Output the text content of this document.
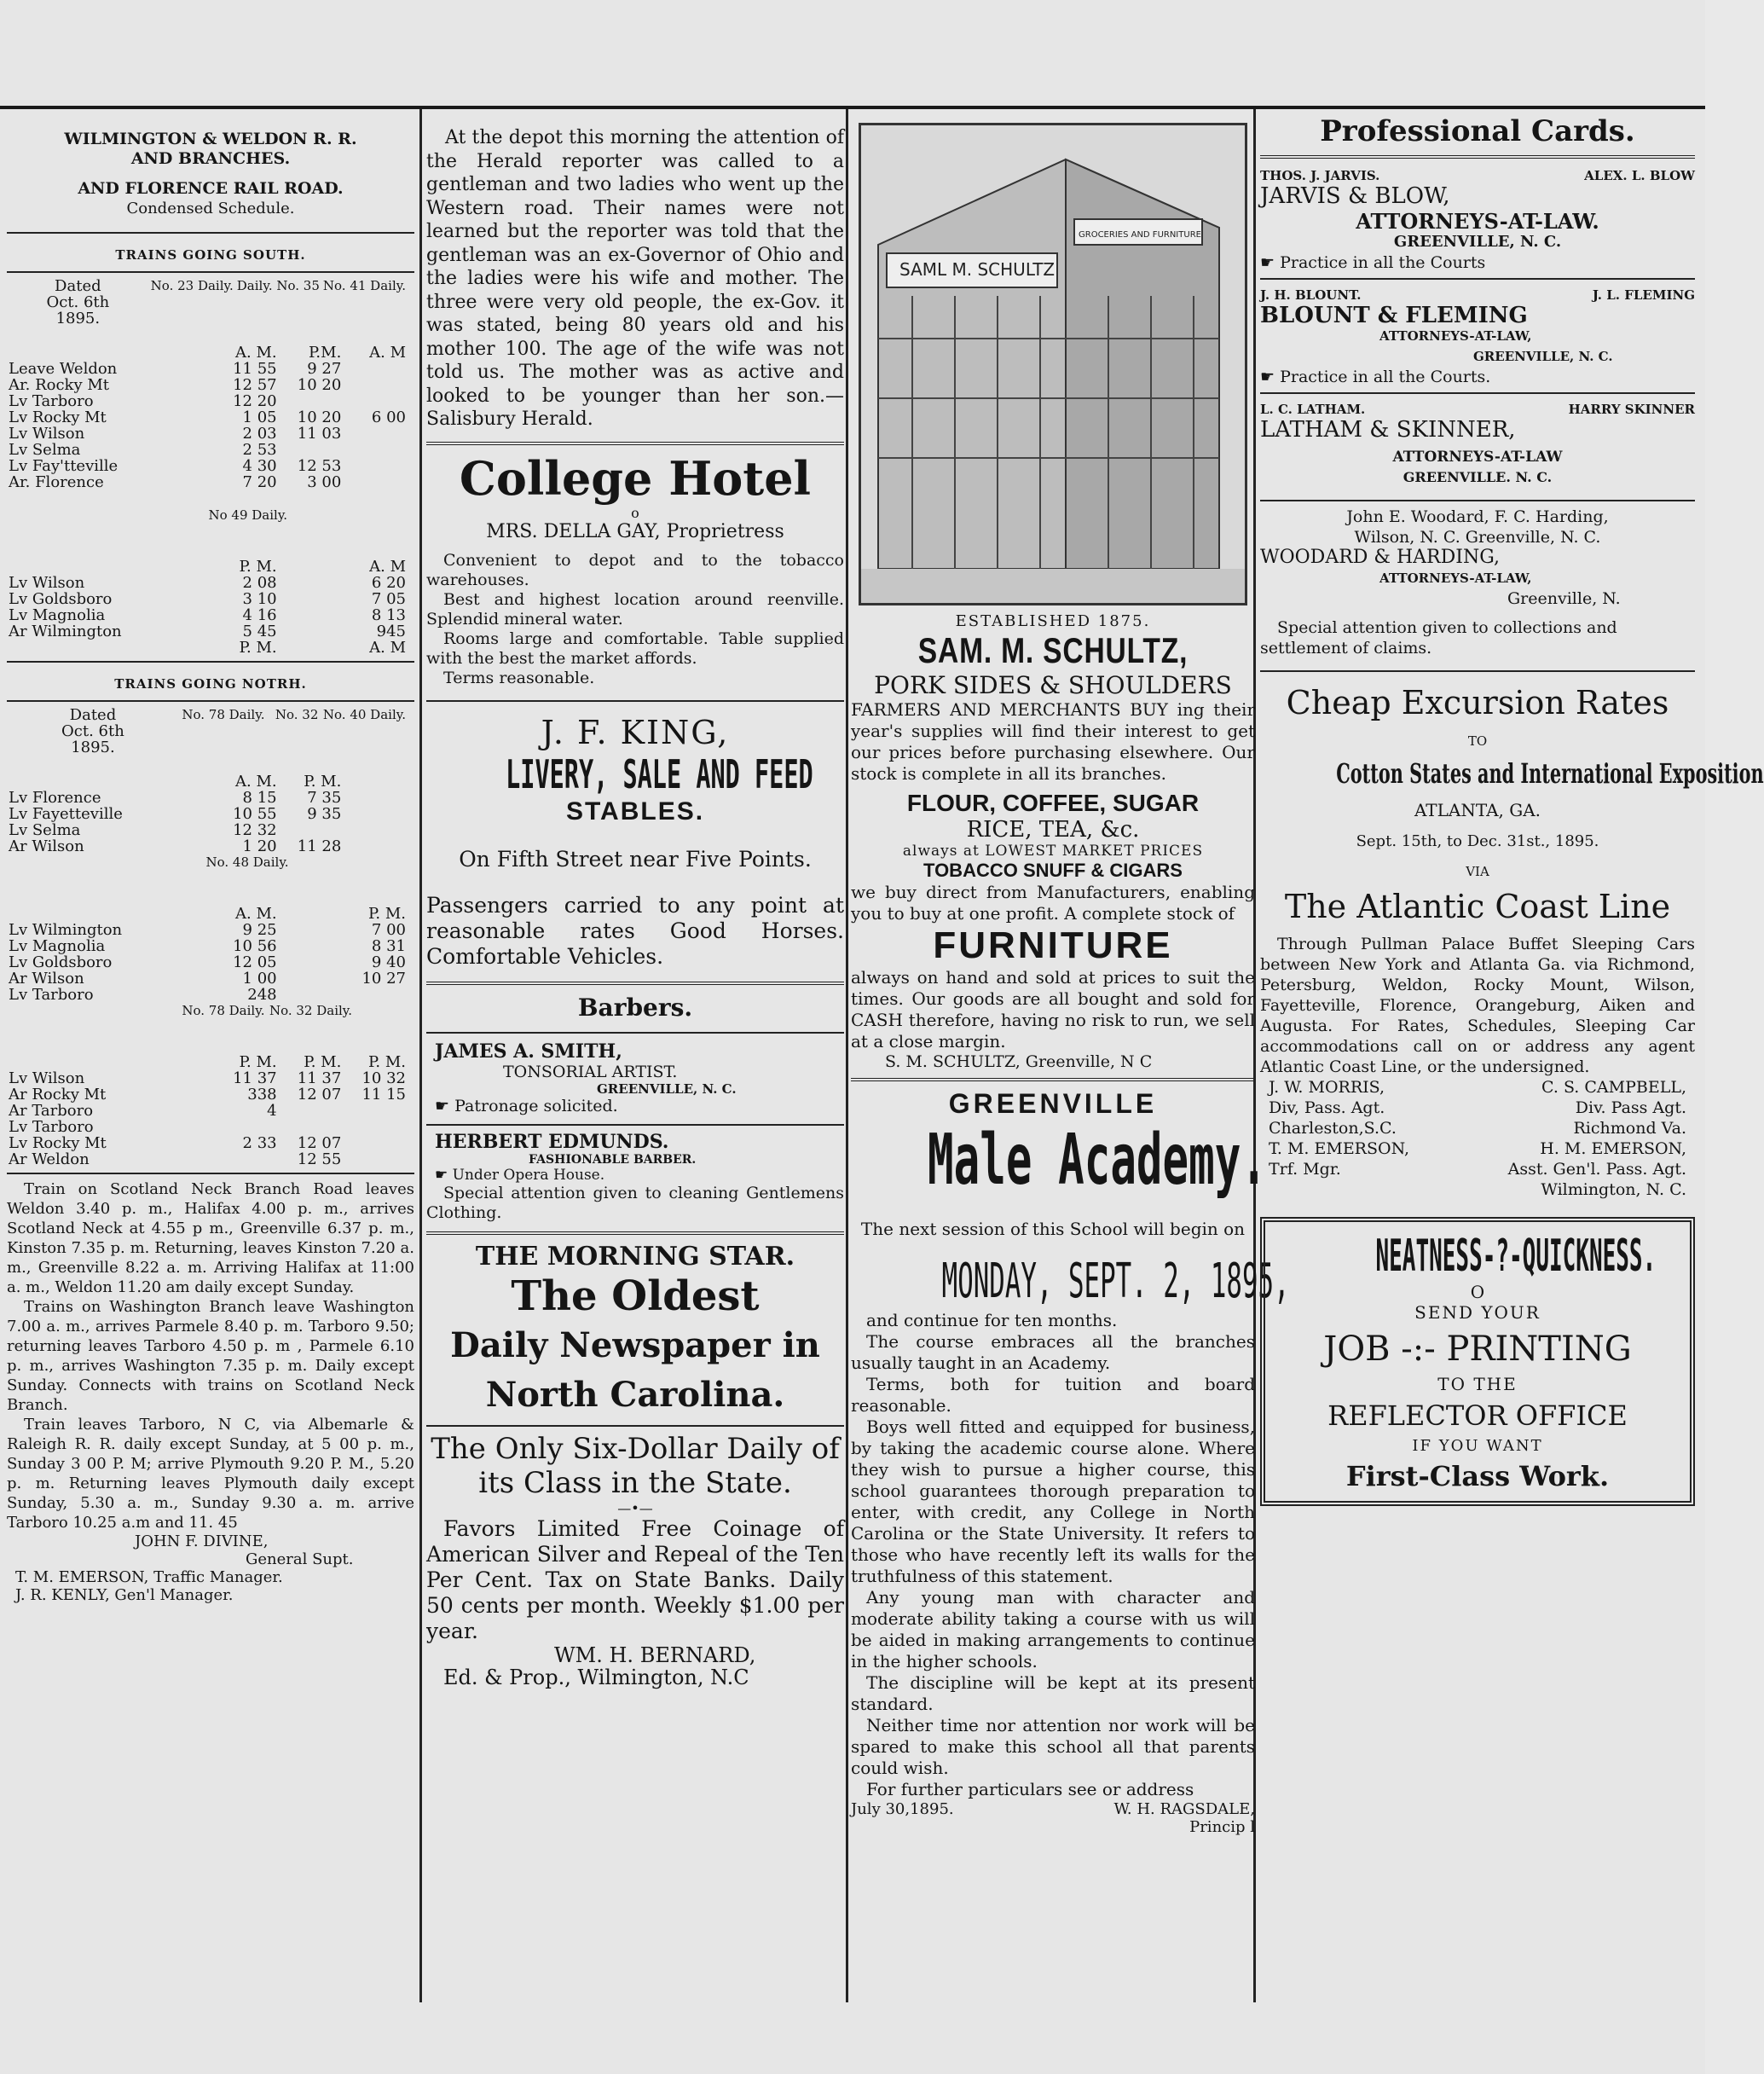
WILMINGTON & WELDON R. R.
AND BRANCHES.
AND FLORENCE RAIL ROAD.
Condensed Schedule.
TRAINS GOING SOUTH.
Dated
Oct. 6th
1895.
	No. 23 Daily.	Daily. No. 35	No. 41 Daily.
	A. M.	P.M.	A. M
Leave Weldon	11 55	9 27	
Ar. Rocky Mt	12 57	10 20	

Lv Tarboro	12 20		

Lv Rocky Mt	1 05	10 20	6 00
Lv Wilson	2 03	11 03	
Lv Selma	2 53		
Lv Fay'tteville	4 30	12 53	
Ar. Florence	7 20	3 00	
	No 49 Daily.		
	P. M.		A. M
Lv Wilson	2 08		6 20
Lv Goldsboro	3 10		7 05
Lv Magnolia	4 16		8 13
Ar Wilmington	5 45		945
	P. M.		A. M
TRAINS GOING NOTRH.
Dated
Oct. 6th
1895.
	No. 78 Daily.	No. 32	No. 40 Daily.
	A. M.	P. M.	
Lv Florence	8 15	7 35	
Lv Fayetteville	10 55	9 35	
Lv Selma	12 32		
Ar Wilson	1 20	11 28	
	No. 48 Daily.		
	A. M.		P. M.
Lv Wilmington	9 25		7 00
Lv Magnolia	10 56		8 31
Lv Goldsboro	12 05		9 40
Ar Wilson	1 00		10 27
Lv Tarboro	248		
	No. 78 Daily.	No. 32 Daily.	
	P. M.	P. M.	P. M.
Lv Wilson	11 37	11 37	10 32
Ar Rocky Mt	338	12 07	11 15

Ar Tarboro	4		
Lv Tarboro			
Lv Rocky Mt	2 33	12 07	
Ar Weldon		12 55	

Train on Scotland Neck Branch Road leaves Weldon 3.40 p. m., Halifax 4.00 p. m., arrives Scotland Neck at 4.55 p m., Greenville 6.37 p. m., Kinston 7.35 p. m. Returning, leaves Kinston 7.20 a. m., Greenville 8.22 a. m. Arriving Halifax at 11:00 a. m., Weldon 11.20 am daily except Sunday.

Trains on Washington Branch leave Washington 7.00 a. m., arrives Parmele 8.40 p. m. Tarboro 9.50; returning leaves Tarboro 4.50 p. m , Parmele 6.10 p. m., arrives Washington 7.35 p. m. Daily except Sunday. Connects with trains on Scotland Neck Branch.

Train leaves Tarboro, N C, via Albemarle & Raleigh R. R. daily except Sunday, at 5 00 p. m., Sunday 3 00 P. M; arrive Plymouth 9.20 P. M., 5.20 p. m. Returning leaves Plymouth daily except Sunday, 5.30 a. m., Sunday 9.30 a. m. arrive Tarboro 10.25 a.m and 11. 45

JOHN F. DIVINE,
General Supt.
T. M. EMERSON, Traffic Manager.
J. R. KENLY, Gen'l Manager.

At the depot this morning the attention of the Herald reporter was called to a gentleman and two ladies who went up the Western road. Their names were not learned but the reporter was told that the gentleman was an ex-Governor of Ohio and the ladies were his wife and mother. The three were very old people, the ex-Gov. it was stated, being 80 years old and his mother 100. The age of the wife was not told us. The mother was as active and looked to be younger than her son.—Salisbury Herald.

College Hotel
o
MRS. DELLA GAY, Proprietress

Convenient to depot and to the tobacco warehouses.

Best and highest location around reenville. Splendid mineral water.

Rooms large and comfortable. Table supplied with the best the market affords.

Terms reasonable.

J. F. KING,
LIVERY, SALE AND FEED
STABLES.
On Fifth Street near Five Points.
Passengers carried to any point at reasonable rates Good Horses. Comfortable Vehicles.
Barbers.
JAMES A. SMITH,
TONSORIAL ARTIST.
GREENVILLE, N. C.
☛ Patronage solicited.
HERBERT EDMUNDS.
FASHIONABLE BARBER.
☛ Under Opera House.

Special attention given to cleaning Gentlemens Clothing.

THE MORNING STAR.
The Oldest
Daily Newspaper in
North Carolina.
The Only Six-Dollar Daily of its Class in the State.
—•—

Favors Limited Free Coinage of American Silver and Repeal of the Ten Per Cent. Tax on State Banks. Daily 50 cents per month. Weekly $1.00 per year.

WM. H. BERNARD,
Ed. & Prop., Wilmington, N.C
SAML M. SCHULTZ
GROCERIES AND FURNITURE
ESTABLISHED 1875.
SAM. M. SCHULTZ,
PORK SIDES & SHOULDERS

FARMERS AND MERCHANTS BUY ing their year's supplies will find their interest to get our prices before purchasing elsewhere. Our stock is complete in all its branches.

FLOUR, COFFEE, SUGAR
RICE, TEA, &c.
always at LOWEST MARKET PRICES
TOBACCO SNUFF & CIGARS

we buy direct from Manufacturers, enabling you to buy at one profit. A complete stock of

FURNITURE

always on hand and sold at prices to suit the times. Our goods are all bought and sold for CASH therefore, having no risk to run, we sell at a close margin.

S. M. SCHULTZ, Greenville, N C
GREENVILLE
Male Academy.
The next session of this School will begin on
MONDAY, SEPT. 2, 1895,

and continue for ten months.

The course embraces all the branches usually taught in an Academy.

Terms, both for tuition and board reasonable.

Boys well fitted and equipped for business, by taking the academic course alone. Where they wish to pursue a higher course, this school guarantees thorough preparation to enter, with credit, any College in North Carolina or the State University. It refers to those who have recently left its walls for the truthfulness of this statement.

Any young man with character and moderate ability taking a course with us will be aided in making arrangements to continue in the higher schools.

The discipline will be kept at its present standard.

Neither time nor attention nor work will be spared to make this school all that parents could wish.

For further particulars see or address

July 30,1895.	W. H. RAGSDALE,
Princip l
Professional Cards.
THOS. J. JARVIS.	ALEX. L. BLOW
JARVIS & BLOW,
ATTORNEYS-AT-LAW.
GREENVILLE, N. C.
☛ Practice in all the Courts
J. H. BLOUNT.	J. L. FLEMING
BLOUNT & FLEMING
ATTORNEYS-AT-LAW,
GREENVILLE, N. C.
☛ Practice in all the Courts.
L. C. LATHAM.	HARRY SKINNER
LATHAM & SKINNER,
ATTORNEYS-AT-LAW
GREENVILLE. N. C.
John E. Woodard, F. C. Harding,
Wilson, N. C. Greenville, N. C.
WOODARD & HARDING,
ATTORNEYS-AT-LAW,
Greenville, N.

Special attention given to collections and settlement of claims.

Cheap Excursion Rates
TO
Cotton States and International Exposition
ATLANTA, GA.
Sept. 15th, to Dec. 31st., 1895.
VIA
The Atlantic Coast Line

Through Pullman Palace Buffet Sleeping Cars between New York and Atlanta Ga. via Richmond, Petersburg, Weldon, Rocky Mount, Wilson, Fayetteville, Florence, Orangeburg, Aiken and Augusta. For Rates, Schedules, Sleeping Car accommodations call on or address any agent Atlantic Coast Line, or the undersigned.

J. W. MORRIS,	C. S. CAMPBELL,
Div, Pass. Agt.	Div. Pass Agt.
Charleston,S.C.	Richmond Va.
T. M. EMERSON,	H. M. EMERSON,
Trf. Mgr.	Asst. Gen'l. Pass. Agt.
Wilmington, N. C.
NEATNESS-?-QUICKNESS.
O
SEND YOUR
JOB -:- PRINTING
TO THE
REFLECTOR OFFICE
IF YOU WANT
First-Class Work.
